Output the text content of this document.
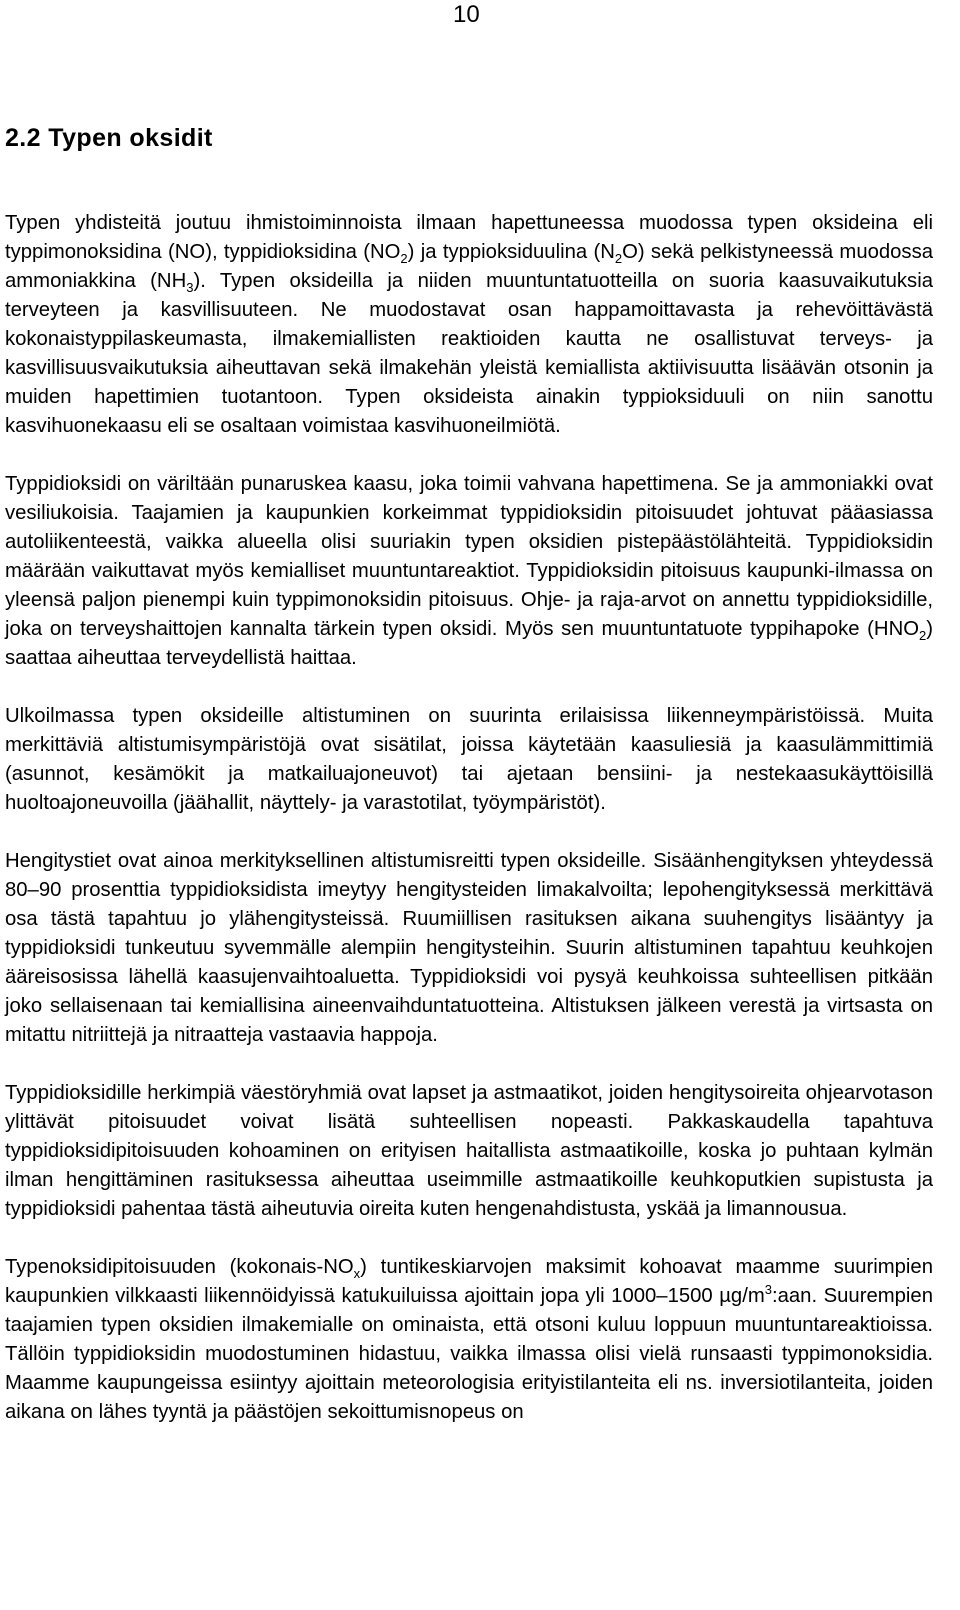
10
2.2 Typen oksidit

Typen yhdisteitä joutuu ihmistoiminnoista ilmaan hapettuneessa muodossa typen oksideina eli typpimonoksidina (NO), typpidioksidina $(NO_2)$ ja typpioksiduulina $(N_2O)$ sekä pelkistyneessä muodossa ammoniakkina $(NH_3)$. Typen oksideilla ja niiden muuntuntatuotteilla on suoria kaasuvaikutuksia terveyteen ja kasvillisuuteen. Ne muodostavat osan happamoittavasta ja rehevöittävästä kokonaistyppilaskeumasta, ilmakemiallisten reaktioiden kautta ne osallistuvat terveys- ja kasvillisuusvaikutuksia aiheuttavan sekä ilmakehän yleistä kemiallista aktiivisuutta lisäävän otsonin ja muiden hapettimien tuotantoon. Typen oksideista ainakin typpioksiduuli on niin sanottu kasvihuonekaasu eli se osaltaan voimistaa kasvihuoneilmiötä.

Typpidioksidi on väriltään punaruskea kaasu, joka toimii vahvana hapettimena. Se ja ammoniakki ovat vesiliukoisia. Taajamien ja kaupunkien korkeimmat typpidioksidin pitoisuudet johtuvat pääasiassa autoliikenteestä, vaikka alueella olisi suuriakin typen oksidien pistepäästölähteitä. Typpidioksidin määrään vaikuttavat myös kemialliset muuntuntareaktiot. Typpidioksidin pitoisuus kaupunki-ilmassa on yleensä paljon pienempi kuin typpimonoksidin pitoisuus. Ohje- ja raja-arvot on annettu typpidioksidille, joka on terveyshaittojen kannalta tärkein typen oksidi. Myös sen muuntuntatuote typpihapoke $(HNO_2)$ saattaa aiheuttaa terveydellistä haittaa.

Ulkoilmassa typen oksideille altistuminen on suurinta erilaisissa liikenneympäristöissä. Muita merkittäviä altistumisympäristöjä ovat sisätilat, joissa käytetään kaasuliesiä ja kaasulämmittimiä (asunnot, kesämökit ja matkailuajoneuvot) tai ajetaan bensiini- ja nestekaasukäyttöisillä huoltoajoneuvoilla (jäähallit, näyttely- ja varastotilat, työympäristöt).

Hengitystiet ovat ainoa merkityksellinen altistumisreitti typen oksideille. Sisäänhengityksen yhteydessä 80–90 prosenttia typpidioksidista imeytyy hengitysteiden limakalvoilta; lepohengityksessä merkittävä osa tästä tapahtuu jo ylähengitysteissä. Ruumiillisen rasituksen aikana suuhengitys lisääntyy ja typpidioksidi tunkeutuu syvemmälle alempiin hengitysteihin. Suurin altistuminen tapahtuu keuhkojen ääreisosissa lähellä kaasujenvaihtoaluetta. Typpidioksidi voi pysyä keuhkoissa suhteellisen pitkään joko sellaisenaan tai kemiallisina aineenvaihduntatuotteina. Altistuksen jälkeen verestä ja virtsasta on mitattu nitriittejä ja nitraatteja vastaavia happoja.

Typpidioksidille herkimpiä väestöryhmiä ovat lapset ja astmaatikot, joiden hengitysoireita ohjearvotason ylittävät pitoisuudet voivat lisätä suhteellisen nopeasti. Pakkaskaudella tapahtuva typpidioksidipitoisuuden kohoaminen on erityisen haitallista astmaatikoille, koska jo puhtaan kylmän ilman hengittäminen rasituksessa aiheuttaa useimmille astmaatikoille keuhkoputkien supistusta ja typpidioksidi pahentaa tästä aiheutuvia oireita kuten hengenahdistusta, yskää ja limannousua.

Typenoksidipitoisuuden $(kokonais-NO_x)$ tuntikeskiarvojen maksimit kohoavat maamme suurimpien kaupunkien vilkkaasti liikennöidyissä katukuiluissa ajoittain jopa yli 1000–1500 $\mu g/m^3:aan$. Suurempien taajamien typen oksidien ilmakemialle on ominaista, että otsoni kuluu loppuun muuntuntareaktioissa. Tällöin typpidioksidin muodostuminen hidastuu, vaikka ilmassa olisi vielä runsaasti typpimonoksidia. Maamme kaupungeissa esiintyy ajoittain meteorologisia erityistilanteita eli ns. inversiotilanteita, joiden aikana on lähes tyyntä ja päästöjen sekoittumisnopeus on
